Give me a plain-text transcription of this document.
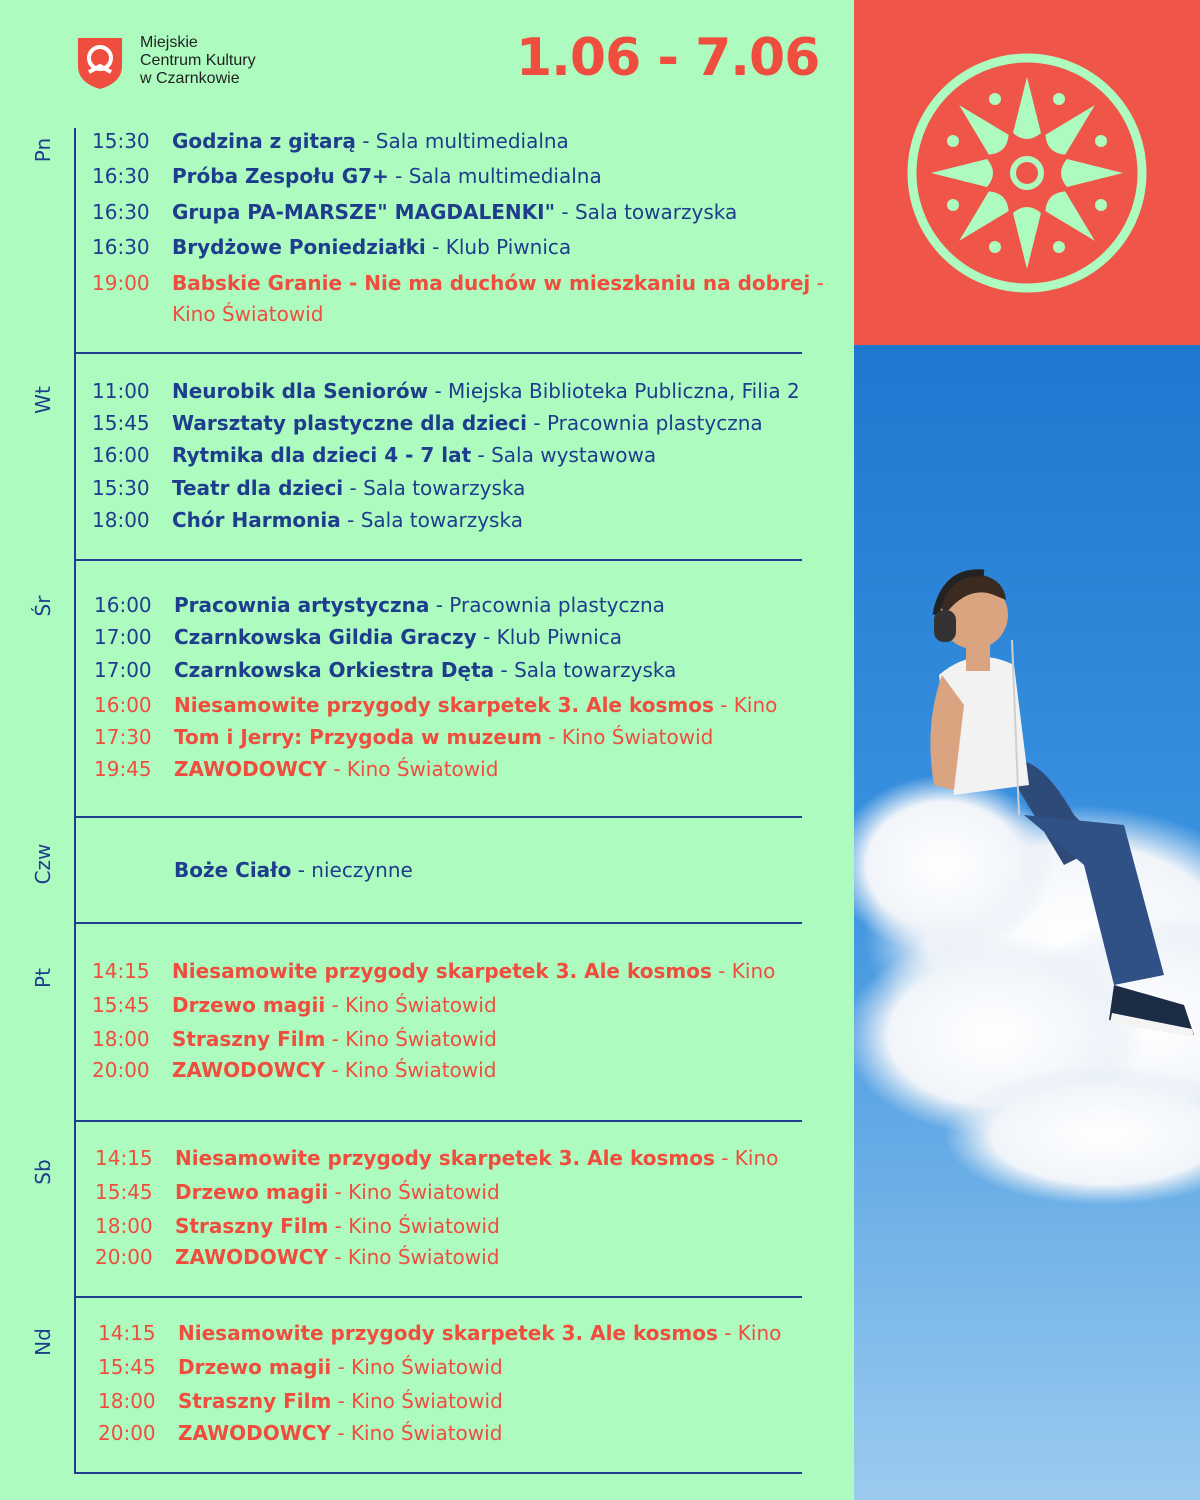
Miejskie
Centrum Kultury
w Czarnkowie	1.06 - 7.06
Pn 15:30 Godzina z gitarą - Sala multimedialna
16:30 Próba Zespołu G7+ - Sala multimedialna
16:30 Grupa PA-MARSZE" MAGDALENKI" - Sala towarzyska
16:30 Brydżowe Poniedziałki - Klub Piwnica
19:00 Babskie Granie - Nie ma duchów w mieszkaniu na dobrej -
Kino Światowid
Wt 11:00 Neurobik dla Seniorów - Miejska Biblioteka Publiczna, Filia 2
15:45 Warsztaty plastyczne dla dzieci - Pracownia plastyczna
16:00 Rytmika dla dzieci 4 - 7 lat - Sala wystawowa
15:30 Teatr dla dzieci - Sala towarzyska
18:00 Chór Harmonia - Sala towarzyska
Śr 16:00 Pracownia artystyczna - Pracownia plastyczna
17:00 Czarnkowska Gildia Graczy - Klub Piwnica
17:00 Czarnkowska Orkiestra Dęta - Sala towarzyska
16:00 Niesamowite przygody skarpetek 3. Ale kosmos - Kino
17:30 Tom i Jerry: Przygoda w muzeum - Kino Światowid
19:45 ZAWODOWCY - Kino Światowid
Czw	Boże Ciało - nieczynne
Pt 14:15 Niesamowite przygody skarpetek 3. Ale kosmos - Kino
15:45 Drzewo magii - Kino Światowid
18:00 Straszny Film - Kino Światowid
20:00 ZAWODOWCY - Kino Światowid
Sb
14:15 Niesamowite przygody skarpetek 3. Ale kosmos - Kino
15:45 Drzewo magii - Kino Światowid
18:00 Straszny Film - Kino Światowid
20:00 ZAWODOWCY - Kino Światowid
Nd 14:15 Niesamowite przygody skarpetek 3. Ale kosmos - Kino
15:45 Drzewo magii - Kino Światowid
18:00 Straszny Film - Kino Światowid
20:00 ZAWODOWCY - Kino Światowid
